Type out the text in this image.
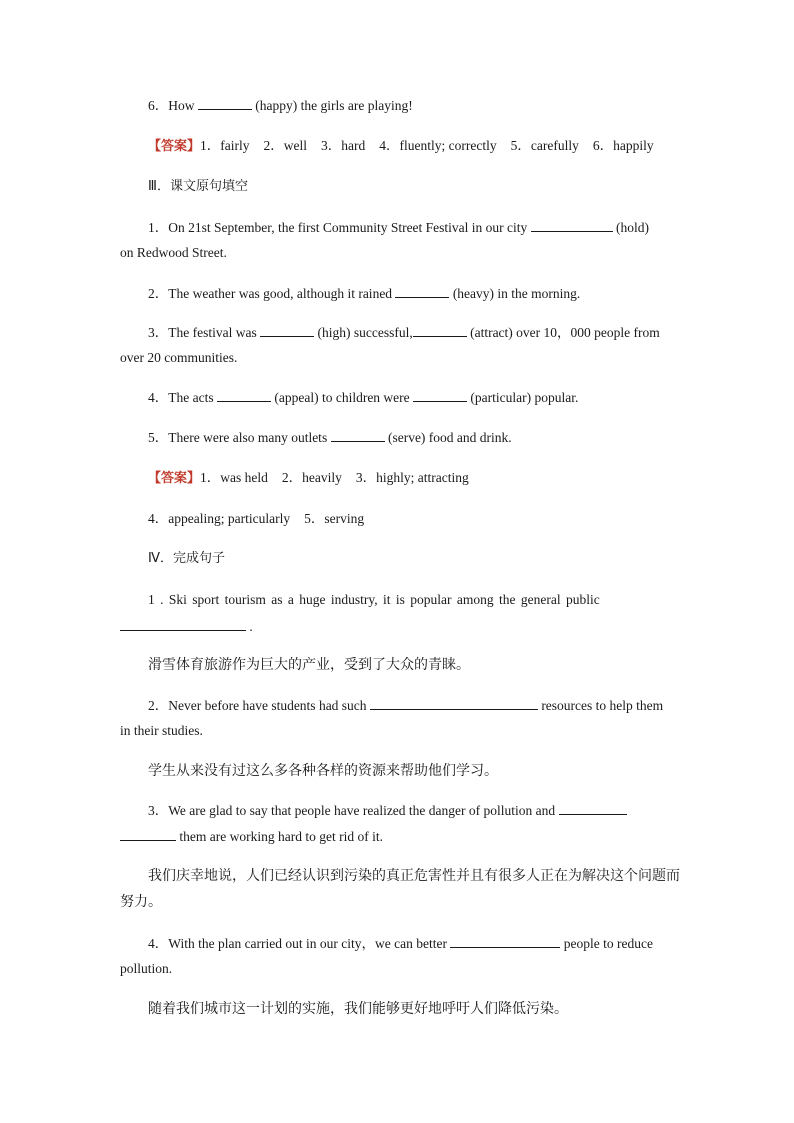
6．How	(happy) the girls are playing!
【答案】1．fairly 2．well 3．hard 4．fluently; correctly 5．carefully 6．happily
Ⅲ．课文原句填空
1．On 21st September, the first Community Street Festival in our city	(hold)
on Redwood Street.
2．The weather was good, although it rained	(heavy) in the morning.
3．The festival was	(high) successful,	(attract) over 10，000 people from
over 20 communities.
4．The acts	(appeal) to children were	(particular) popular.
5．There were also many outlets	(serve) food and drink.
【答案】1．was held 2．heavily 3．highly; attracting
4．appealing; particularly 5．serving
Ⅳ．完成句子
1 . Ski sport tourism as a huge industry, it is popular among the general public
.
滑雪体育旅游作为巨大的产业，受到了大众的青睐。
2．Never before have students had such	resources to help them
in their studies.
学生从来没有过这么多各种各样的资源来帮助他们学习。
3．We are glad to say that people have realized the danger of pollution and
them are working hard to get rid of it.
我们庆幸地说，人们已经认识到污染的真正危害性并且有很多人正在为解决这个问题而
努力。
4．With the plan carried out in our city，we can better	people to reduce
pollution.
随着我们城市这一计划的实施，我们能够更好地呼吁人们降低污染。
